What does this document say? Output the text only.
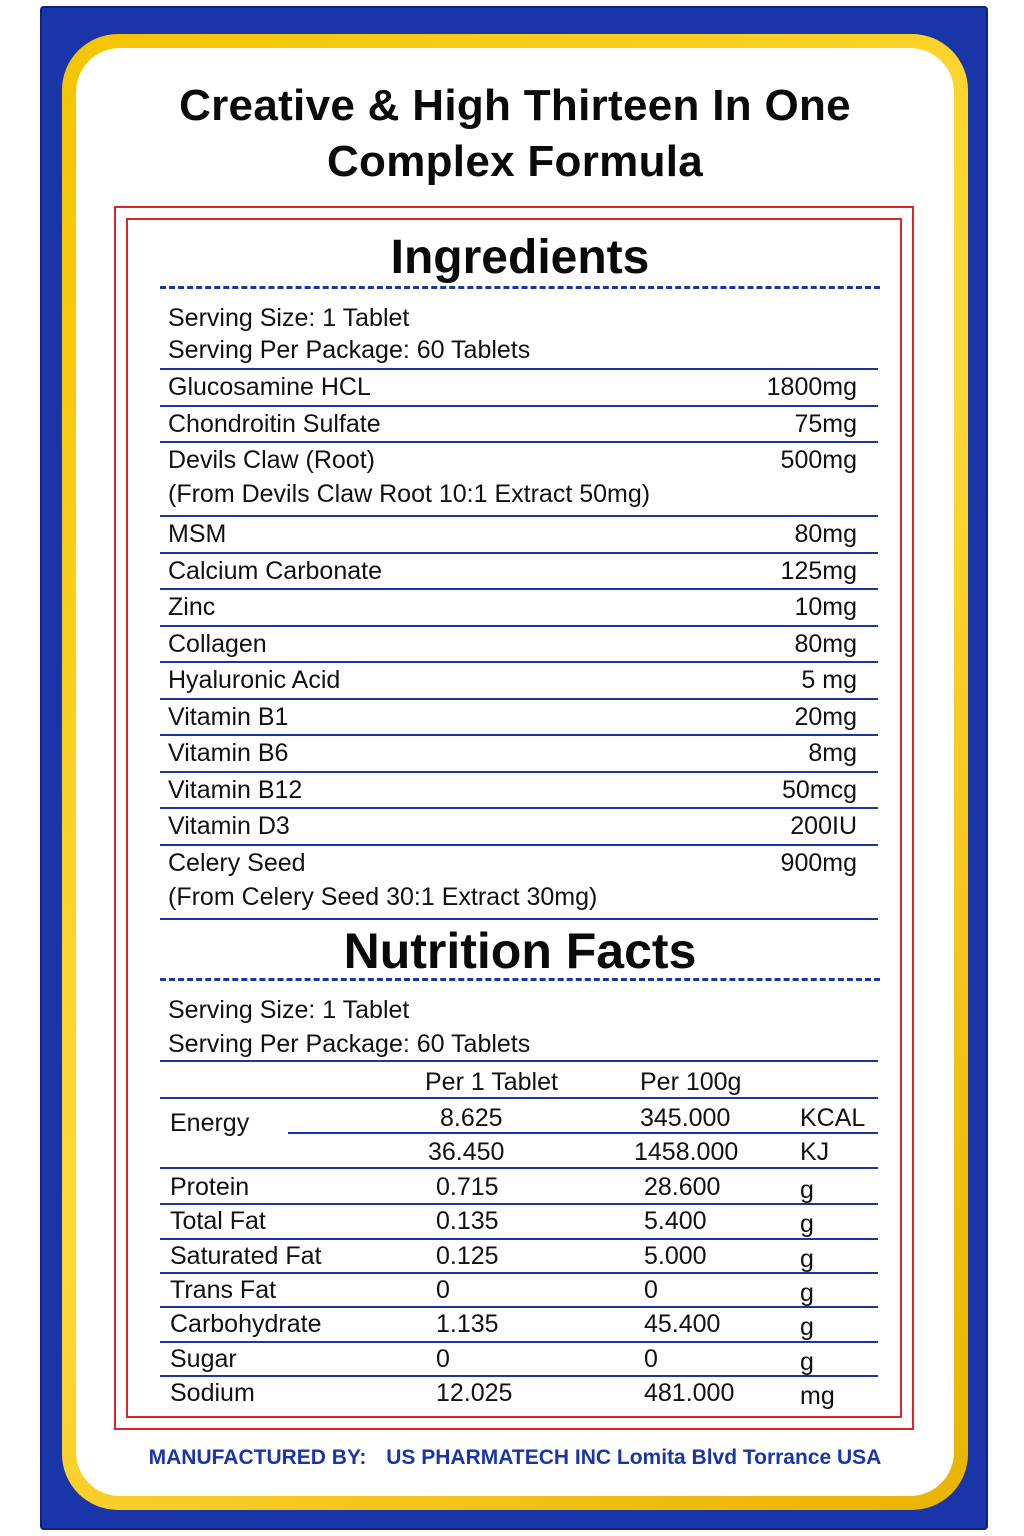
Creative & High Thirteen In One
Complex Formula
Ingredients
Serving Size: 1 Tablet
Serving Per Package: 60 Tablets
Glucosamine HCL	1800mg
Chondroitin Sulfate	75mg
Devils Claw (Root)	500mg
(From Devils Claw Root 10:1 Extract 50mg)
MSM	80mg
Calcium Carbonate	125mg
Zinc	10mg
Collagen	80mg
Hyaluronic Acid	5 mg
Vitamin B1	20mg
Vitamin B6	8mg
Vitamin B12	50mcg
Vitamin D3	200IU
Celery Seed	900mg
(From Celery Seed 30:1 Extract 30mg)
Nutrition Facts
Serving Size: 1 Tablet
Serving Per Package: 60 Tablets
Per 1 Tablet	Per 100g
Energy	8.625	345.000	KCAL
36.450	1458.000 KJ
Protein	0.715	28.600	g
Total Fat	0.135	5.400	g
Saturated Fat	0.125	5.000	g
Trans Fat	0	0	g
Carbohydrate	1.135	45.400	g
Sugar	0	0	g
Sodium	12.025	481.000	mg
MANUFACTURED BY: US PHARMATECH INC Lomita Blvd Torrance USA
